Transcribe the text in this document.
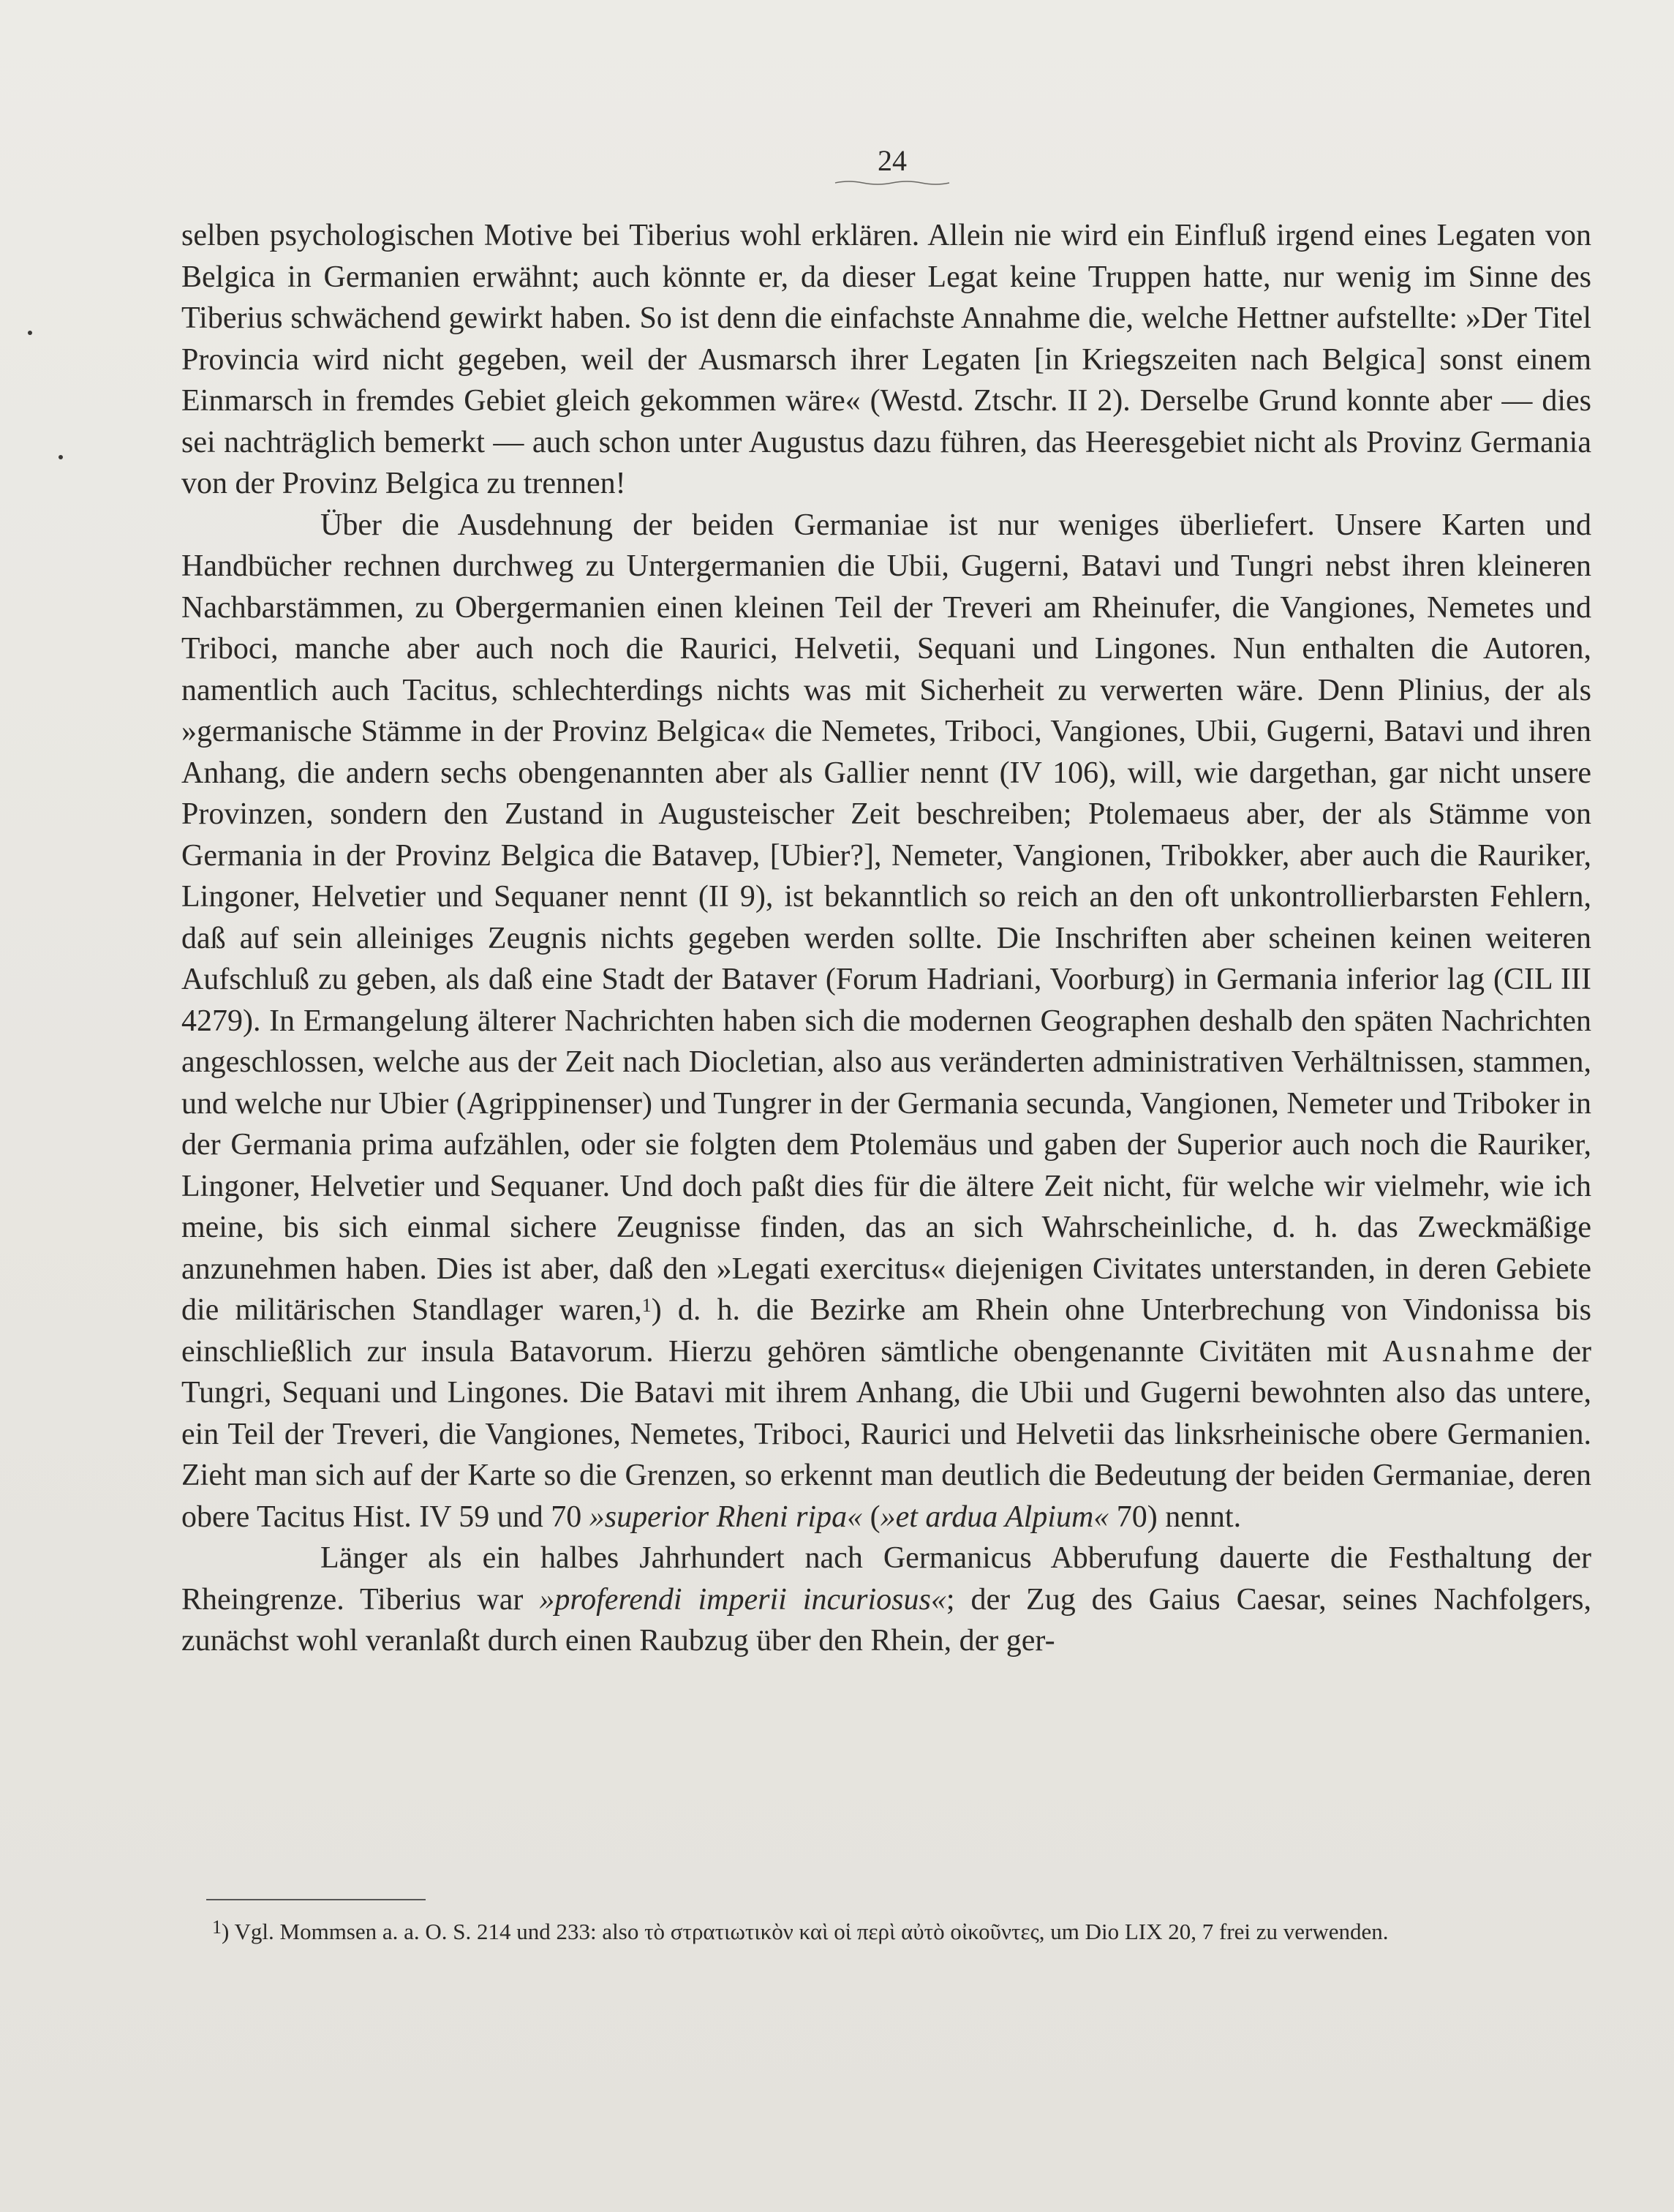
24

selben psychologischen Motive bei Tiberius wohl erklären. Allein nie wird ein Einfluß irgend eines Legaten von Belgica in Germanien erwähnt; auch könnte er, da dieser Legat keine Truppen hatte, nur wenig im Sinne des Tiberius schwächend gewirkt haben. So ist denn die einfachste Annahme die, welche Hettner aufstellte: »Der Titel Provincia wird nicht gegeben, weil der Ausmarsch ihrer Legaten [in Kriegszeiten nach Belgica] sonst einem Einmarsch in fremdes Gebiet gleich gekommen wäre« (Westd. Ztschr. II 2). Derselbe Grund konnte aber — dies sei nachträglich bemerkt — auch schon unter Augustus dazu führen, das Heeresgebiet nicht als Provinz Germania von der Provinz Belgica zu trennen!

Über die Ausdehnung der beiden Germaniae ist nur weniges überliefert. Unsere Karten und Handbücher rechnen durchweg zu Untergermanien die Ubii, Gugerni, Batavi und Tungri nebst ihren kleineren Nachbarstämmen, zu Obergermanien einen kleinen Teil der Treveri am Rheinufer, die Vangiones, Nemetes und Triboci, manche aber auch noch die Raurici, Helvetii, Sequani und Lingones. Nun enthalten die Autoren, namentlich auch Tacitus, schlechterdings nichts was mit Sicherheit zu verwerten wäre. Denn Plinius, der als »germanische Stämme in der Provinz Belgica« die Nemetes, Triboci, Vangiones, Ubii, Gugerni, Batavi und ihren Anhang, die andern sechs obengenannten aber als Gallier nennt (IV 106), will, wie dargethan, gar nicht unsere Provinzen, sondern den Zustand in Augusteischer Zeit beschreiben; Ptolemaeus aber, der als Stämme von Germania in der Provinz Belgica die Batavер, [Ubier?], Nemeter, Vangionen, Tribokker, aber auch die Rauriker, Lingoner, Helvetier und Sequaner nennt (II 9), ist bekanntlich so reich an den oft unkontrollierbarsten Fehlern, daß auf sein alleiniges Zeugnis nichts gegeben werden sollte. Die Inschriften aber scheinen keinen weiteren Aufschluß zu geben, als daß eine Stadt der Bataver (Forum Hadriani, Voorburg) in Germania inferior lag (CIL III 4279). In Ermangelung älterer Nachrichten haben sich die modernen Geographen deshalb den späten Nachrichten angeschlossen, welche aus der Zeit nach Diocletian, also aus veränderten administrativen Verhältnissen, stammen, und welche nur Ubier (Agrippinenser) und Tungrer in der Germania secunda, Vangionen, Nemeter und Triboker in der Germania prima aufzählen, oder sie folgten dem Ptolemäus und gaben der Superior auch noch die Rauriker, Lingoner, Helvetier und Sequaner. Und doch paßt dies für die ältere Zeit nicht, für welche wir vielmehr, wie ich meine, bis sich einmal sichere Zeugnisse finden, das an sich Wahrscheinliche, d. h. das Zweckmäßige anzunehmen haben. Dies ist aber, daß den »Legati exercitus« diejenigen Civitates unterstanden, in deren Gebiete die militärischen Standlager waren,$^1$) d. h. die Bezirke am Rhein ohne Unterbrechung von Vindonissa bis einschließlich zur insula Batavorum. Hierzu gehören sämtliche obengenannte Civitäten mit Ausnahme der Tungri, Sequani und Lingones. Die Batavi mit ihrem Anhang, die Ubii und Gugerni bewohnten also das untere, ein Teil der Treveri, die Vangiones, Nemetes, Triboci, Raurici und Helvetii das linksrheinische obere Germanien. Zieht man sich auf der Karte so die Grenzen, so erkennt man deutlich die Bedeutung der beiden Germaniae, deren obere Tacitus Hist. IV 59 und 70 »superior Rheni ripa« (»et ardua Alpium« 70) nennt.

Länger als ein halbes Jahrhundert nach Germanicus Abberufung dauerte die Festhaltung der Rheingrenze. Tiberius war »proferendi imperii incuriosus«; der Zug des Gaius Caesar, seines Nachfolgers, zunächst wohl veranlaßt durch einen Raubzug über den Rhein, der ger-

$^1$) Vgl. Mommsen a. a. O. S. 214 und 233: also τὸ στρατιωτικὸν καὶ οἱ περὶ αὐτὸ οἰκοῦντες, um Dio LIX 20, 7 frei zu verwenden.
